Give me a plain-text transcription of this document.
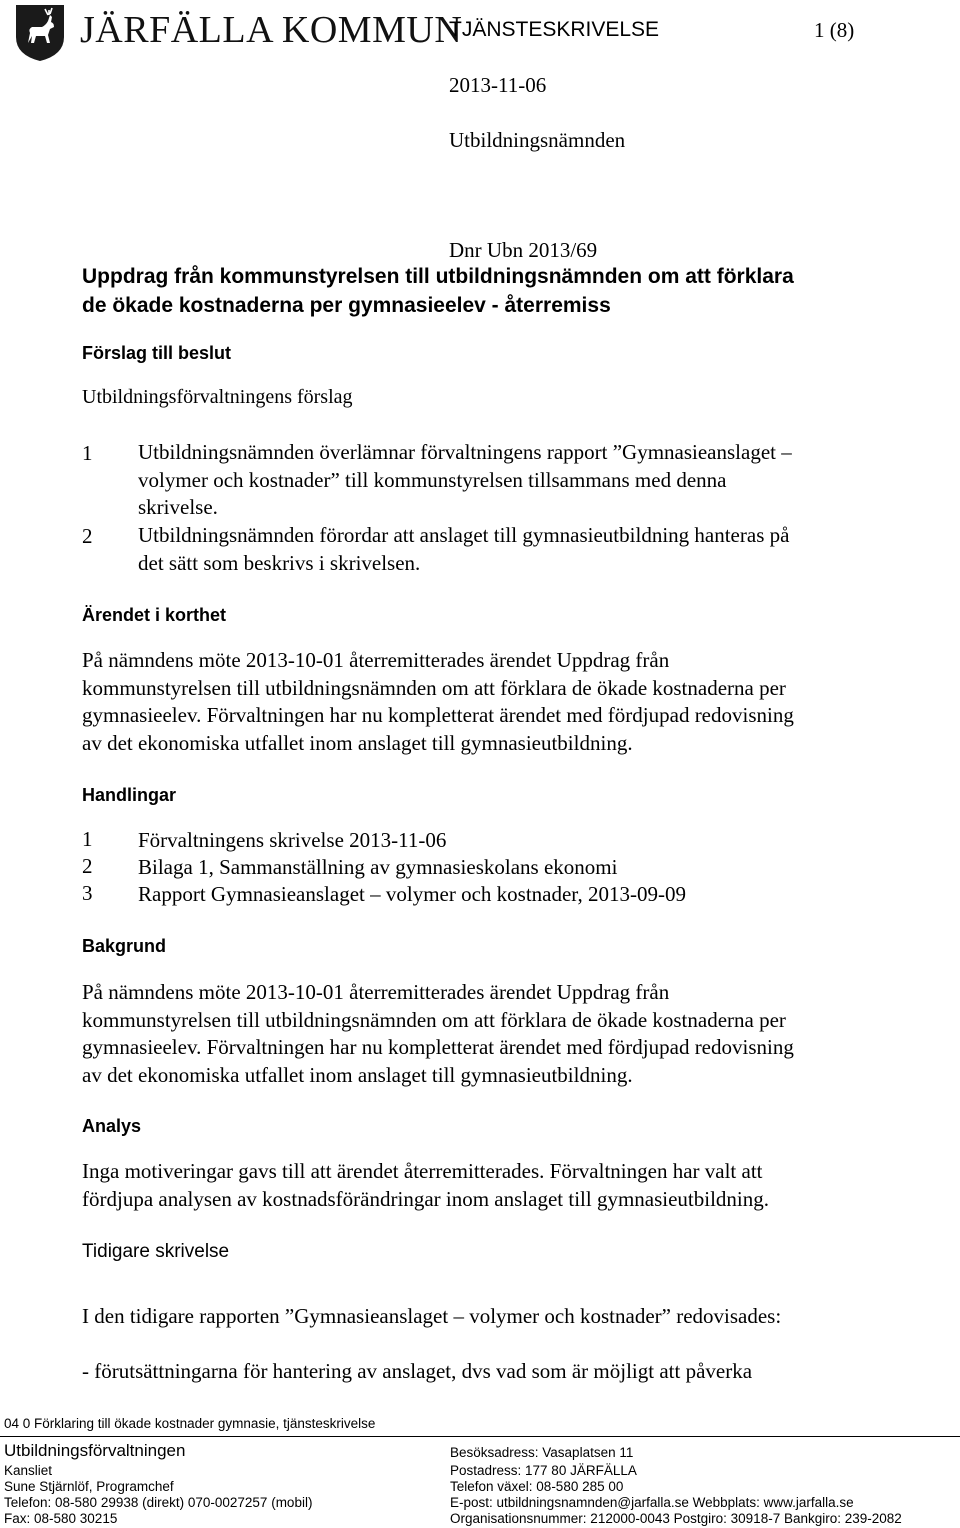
JÄRFÄLLA KOMMUN
TJÄNSTESKRIVELSE	1 (8)
2013-11-06
Utbildningsnämnden
Dnr Ubn 2013/69
Uppdrag från kommunstyrelsen till utbildningsnämnden om att förklara
de ökade kostnaderna per gymnasieelev - återremiss
Förslag till beslut
Utbildningsförvaltningens förslag
1 Utbildningsnämnden överlämnar förvaltningens rapport ”Gymnasieanslaget –
volymer och kostnader” till kommunstyrelsen tillsammans med denna
skrivelse.
2 Utbildningsnämnden förordar att anslaget till gymnasieutbildning hanteras på
det sätt som beskrivs i skrivelsen.
Ärendet i korthet
På nämndens möte 2013-10-01 återremitterades ärendet Uppdrag från
kommunstyrelsen till utbildningsnämnden om att förklara de ökade kostnaderna per
gymnasieelev. Förvaltningen har nu kompletterat ärendet med fördjupad redovisning
av det ekonomiska utfallet inom anslaget till gymnasieutbildning.
Handlingar
1 Förvaltningens skrivelse 2013-11-06
2 Bilaga 1, Sammanställning av gymnasieskolans ekonomi
3 Rapport Gymnasieanslaget – volymer och kostnader, 2013-09-09
Bakgrund
På nämndens möte 2013-10-01 återremitterades ärendet Uppdrag från
kommunstyrelsen till utbildningsnämnden om att förklara de ökade kostnaderna per
gymnasieelev. Förvaltningen har nu kompletterat ärendet med fördjupad redovisning
av det ekonomiska utfallet inom anslaget till gymnasieutbildning.
Analys
Inga motiveringar gavs till att ärendet återremitterades. Förvaltningen har valt att
fördjupa analysen av kostnadsförändringar inom anslaget till gymnasieutbildning.
Tidigare skrivelse
I den tidigare rapporten ”Gymnasieanslaget – volymer och kostnader” redovisades:
- förutsättningarna för hantering av anslaget, dvs vad som är möjligt att påverka
04 0 Förklaring till ökade kostnader gymnasie, tjänsteskrivelse
Utbildningsförvaltningen
Kansliet
Sune Stjärnlöf, Programchef
Telefon: 08-580 29938 (direkt) 070-0027257 (mobil)
Fax: 08-580 30215
Besöksadress: Vasaplatsen 11
Postadress: 177 80 JÄRFÄLLA
Telefon växel: 08-580 285 00
E-post: utbildningsnamnden@jarfalla.se Webbplats: www.jarfalla.se
Organisationsnummer: 212000-0043 Postgiro: 30918-7 Bankgiro: 239-2082
